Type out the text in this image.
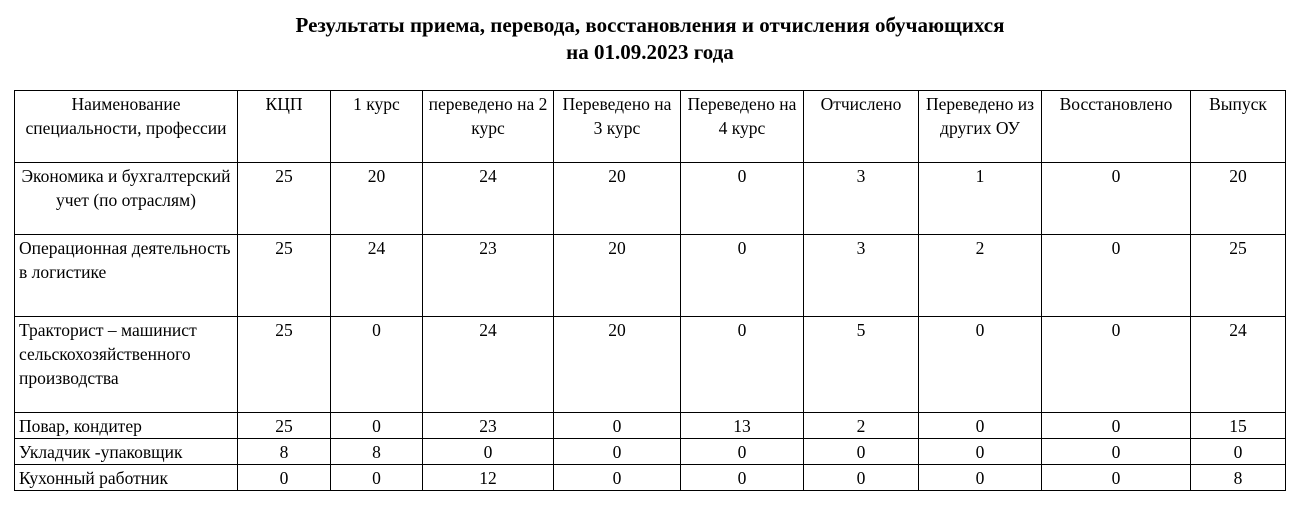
Результаты приема, перевода, восстановления и отчисления обучающихся
на 01.09.2023 года
Наименование специальности, профессии	КЦП	1 курс	переведено на 2 курс	Переведено на 3 курс	Переведено на 4 курс	Отчислено	Переведено из других ОУ	Восстановлено	Выпуск
Экономика и бухгалтерский учет (по отраслям)	25	20	24	20	0	3	1	0	20
Операционная деятельность в логистике	25	24	23	20	0	3	2	0	25
Тракторист – машинист сельскохозяйственного производства	25	0	24	20	0	5	0	0	24
Повар, кондитер	25	0	23	0	13	2	0	0	15
Укладчик -упаковщик	8	8	0	0	0	0	0	0	0
Кухонный работник	0	0	12	0	0	0	0	0	8
